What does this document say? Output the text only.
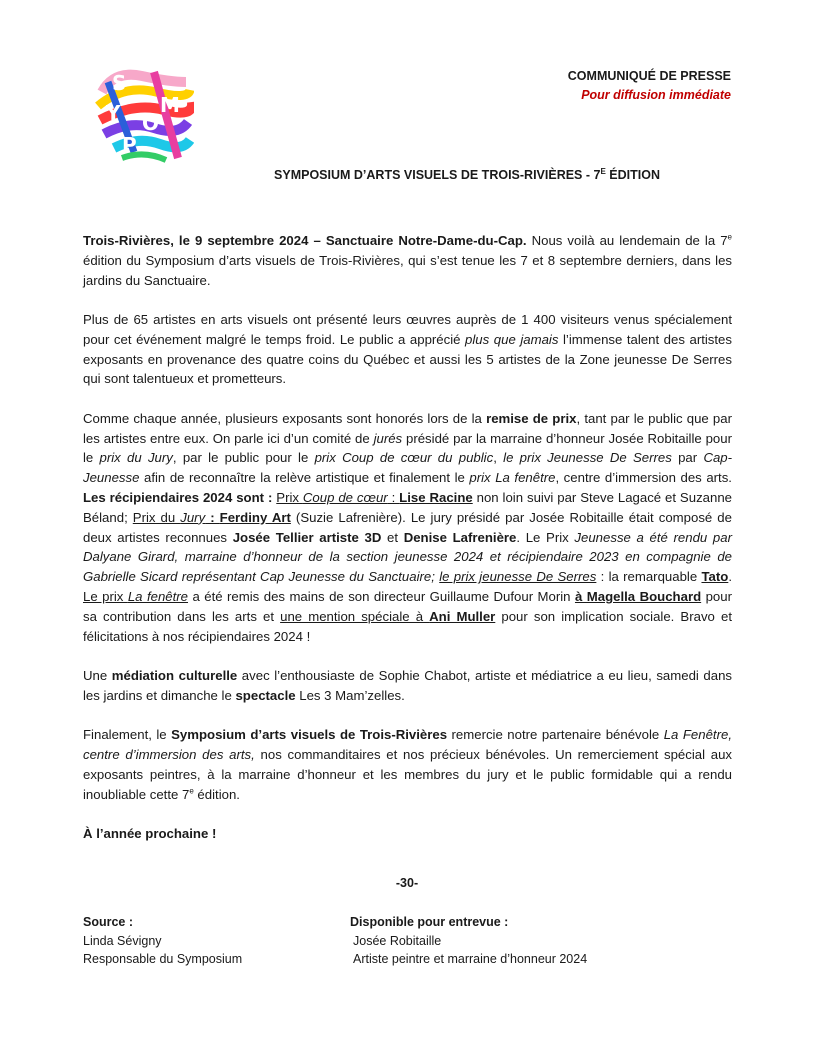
S
M
Y O
P
COMMUNIQUÉ DE PRESSE
Pour diffusion immédiate
SYMPOSIUM D’ARTS VISUELS DE TROIS-RIVIÈRES - $7^E$ ÉDITION

Trois-Rivières, le 9 septembre 2024 – Sanctuaire Notre-Dame-du-Cap. Nous voilà au lendemain de la 7e édition du Symposium d’arts visuels de Trois-Rivières, qui s’est tenue les 7 et 8 septembre derniers, dans les jardins du Sanctuaire.

Plus de 65 artistes en arts visuels ont présenté leurs œuvres auprès de 1 400 visiteurs venus spécialement pour cet événement malgré le temps froid. Le public a apprécié plus que jamais l’immense talent des artistes exposants en provenance des quatre coins du Québec et aussi les 5 artistes de la Zone jeunesse De Serres qui sont talentueux et prometteurs.

Comme chaque année, plusieurs exposants sont honorés lors de la remise de prix, tant par le public que par les artistes entre eux. On parle ici d’un comité de jurés présidé par la marraine d’honneur Josée Robitaille pour le prix du Jury, par le public pour le prix Coup de cœur du public, le prix Jeunesse De Serres par Cap-Jeunesse afin de reconnaître la relève artistique et finalement le prix La fenêtre, centre d’immersion des arts. Les récipiendaires 2024 sont : Prix Coup de cœur : Lise Racine non loin suivi par Steve Lagacé et Suzanne Béland; Prix du Jury : Ferdiny Art (Suzie Lafrenière). Le jury présidé par Josée Robitaille était composé de deux artistes reconnues Josée Tellier artiste 3D et Denise Lafrenière. Le Prix Jeunesse a été rendu par Dalyane Girard, marraine d’honneur de la section jeunesse 2024 et récipiendaire 2023 en compagnie de Gabrielle Sicard représentant Cap Jeunesse du Sanctuaire; le prix jeunesse De Serres : la remarquable Tato. Le prix La fenêtre a été remis des mains de son directeur Guillaume Dufour Morin à Magella Bouchard pour sa contribution dans les arts et une mention spéciale à Ani Muller pour son implication sociale. Bravo et félicitations à nos récipiendaires 2024 !

Une médiation culturelle avec l’enthousiaste de Sophie Chabot, artiste et médiatrice a eu lieu, samedi dans les jardins et dimanche le spectacle Les 3 Mam’zelles.

Finalement, le Symposium d’arts visuels de Trois-Rivières remercie notre partenaire bénévole La Fenêtre, centre d’immersion des arts, nos commanditaires et nos précieux bénévoles. Un remerciement spécial aux exposants peintres, à la marraine d’honneur et les membres du jury et le public formidable qui a rendu inoubliable cette 7e édition.

À l’année prochaine !

-30-
Source :
Linda Sévigny
Responsable du Symposium
Disponible pour entrevue :
Josée Robitaille
Artiste peintre et marraine d’honneur 2024
